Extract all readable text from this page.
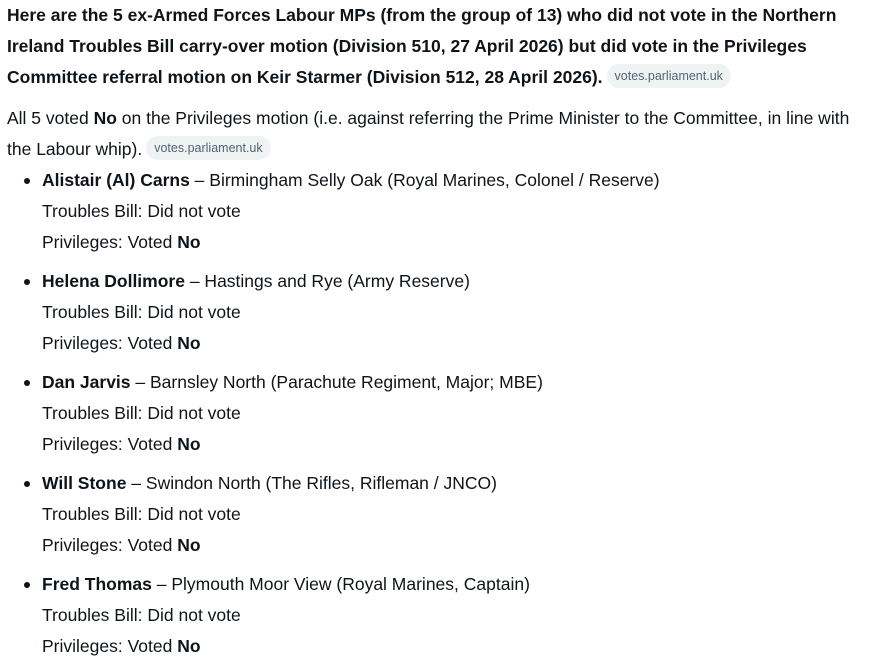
Here are the 5 ex-Armed Forces Labour MPs (from the group of 13) who did not vote in the Northern Ireland Troubles Bill carry-over motion (Division 510, 27 April 2026) but did vote in the Privileges Committee referral motion on Keir Starmer (Division 512, 28 April 2026). votes.parliament.uk

All 5 voted No on the Privileges motion (i.e. against referring the Prime Minister to the Committee, in line with the Labour whip). votes.parliament.uk

Alistair (Al) Carns – Birmingham Selly Oak (Royal Marines, Colonel / Reserve)
Troubles Bill: Did not vote
Privileges: Voted No
Helena Dollimore – Hastings and Rye (Army Reserve)
Troubles Bill: Did not vote
Privileges: Voted No
Dan Jarvis – Barnsley North (Parachute Regiment, Major; MBE)
Troubles Bill: Did not vote
Privileges: Voted No
Will Stone – Swindon North (The Rifles, Rifleman / JNCO)
Troubles Bill: Did not vote
Privileges: Voted No
Fred Thomas – Plymouth Moor View (Royal Marines, Captain)
Troubles Bill: Did not vote
Privileges: Voted No
